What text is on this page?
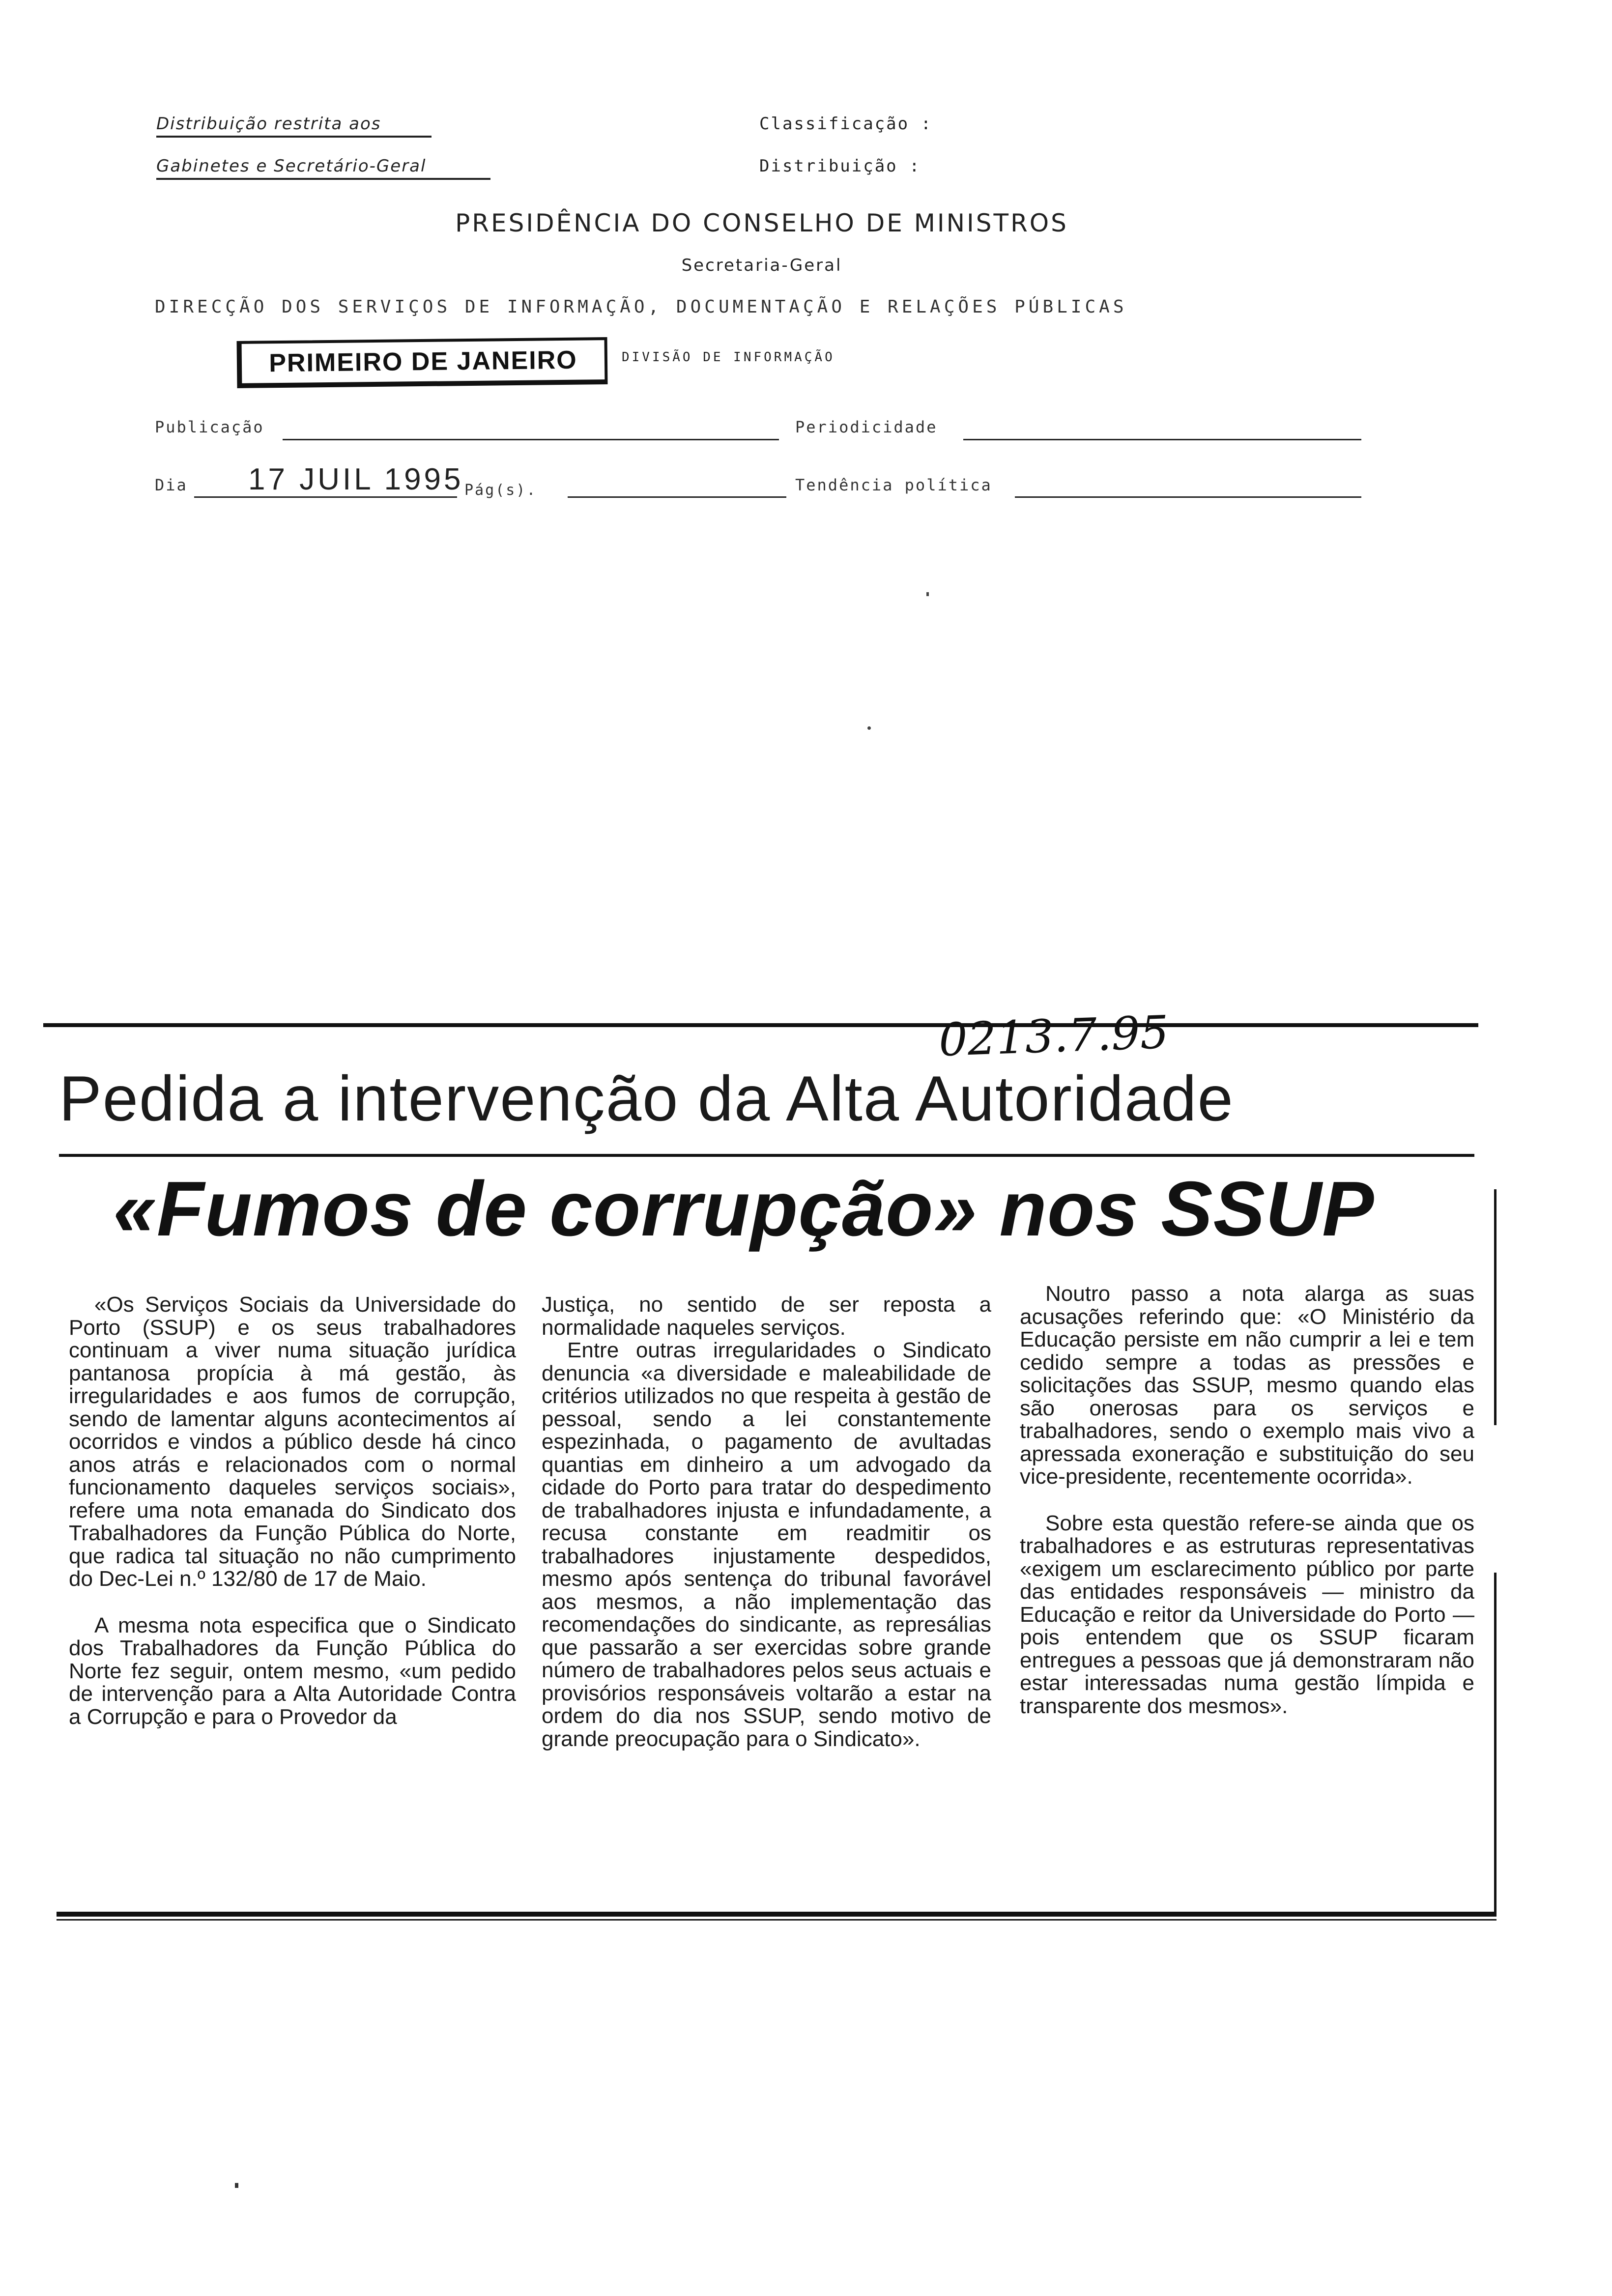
Distribuição restrita aos
Gabinetes e Secretário-Geral
Classificação :
Distribuição :
PRESIDÊNCIA DO CONSELHO DE MINISTROS
Secretaria-Geral
DIRECÇÃO DOS SERVIÇOS DE INFORMAÇÃO, DOCUMENTAÇÃO E RELAÇÕES PÚBLICAS
PRIMEIRO DE JANEIRO	DIVISÃO DE INFORMAÇÃO
Publicação	Periodicidade
Dia 17 JUIL 1995 Pág(s).	Tendência política
0213.7.95
Pedida a intervenção da Alta Autoridade
«Fumos de corrupção» nos SSUP

«Os Serviços Sociais da Universidade do Porto (SSUP) e os seus trabalhadores continuam a viver numa situação jurídica pantanosa propícia à má gestão, às irregularidades e aos fumos de corrupção, sendo de lamentar alguns acontecimentos aí ocorridos e vindos a público desde há cinco anos atrás e relacionados com o normal funcionamento daqueles serviços sociais», refere uma nota emanada do Sindicato dos Trabalhadores da Função Pública do Norte, que radica tal situação no não cumprimento do Dec-Lei n.º 132/80 de 17 de Maio.

A mesma nota especifica que o Sindicato dos Trabalhadores da Função Pública do Norte fez seguir, ontem mesmo, «um pedido de intervenção para a Alta Autoridade Contra a Corrupção e para o Provedor da

Justiça, no sentido de ser reposta a normalidade naqueles serviços.

Entre outras irregularidades o Sindicato denuncia «a diversidade e maleabilidade de critérios utilizados no que respeita à gestão de pessoal, sendo a lei constantemente espezinhada, o pagamento de avultadas quantias em dinheiro a um advogado da cidade do Porto para tratar do despedimento de trabalhadores injusta e infundadamente, a recusa constante em readmitir os trabalhadores injustamente despedidos, mesmo após sentença do tribunal favorável aos mesmos, a não implementação das recomendações do sindicante, as represálias que passarão a ser exercidas sobre grande número de trabalhadores pelos seus actuais e provisórios responsáveis voltarão a estar na ordem do dia nos SSUP, sendo motivo de grande preocupação para o Sindicato».

Noutro passo a nota alarga as suas acusações referindo que: «O Ministério da Educação persiste em não cumprir a lei e tem cedido sempre a todas as pressões e solicitações das SSUP, mesmo quando elas são onerosas para os serviços e trabalhadores, sendo o exemplo mais vivo a apressada exoneração e substituição do seu vice-presidente, recentemente ocorrida».

Sobre esta questão refere-se ainda que os trabalhadores e as estruturas representativas «exigem um esclarecimento público por parte das entidades responsáveis — ministro da Educação e reitor da Universidade do Porto — pois entendem que os SSUP ficaram entregues a pessoas que já demonstraram não estar interessadas numa gestão límpida e transparente dos mesmos».
